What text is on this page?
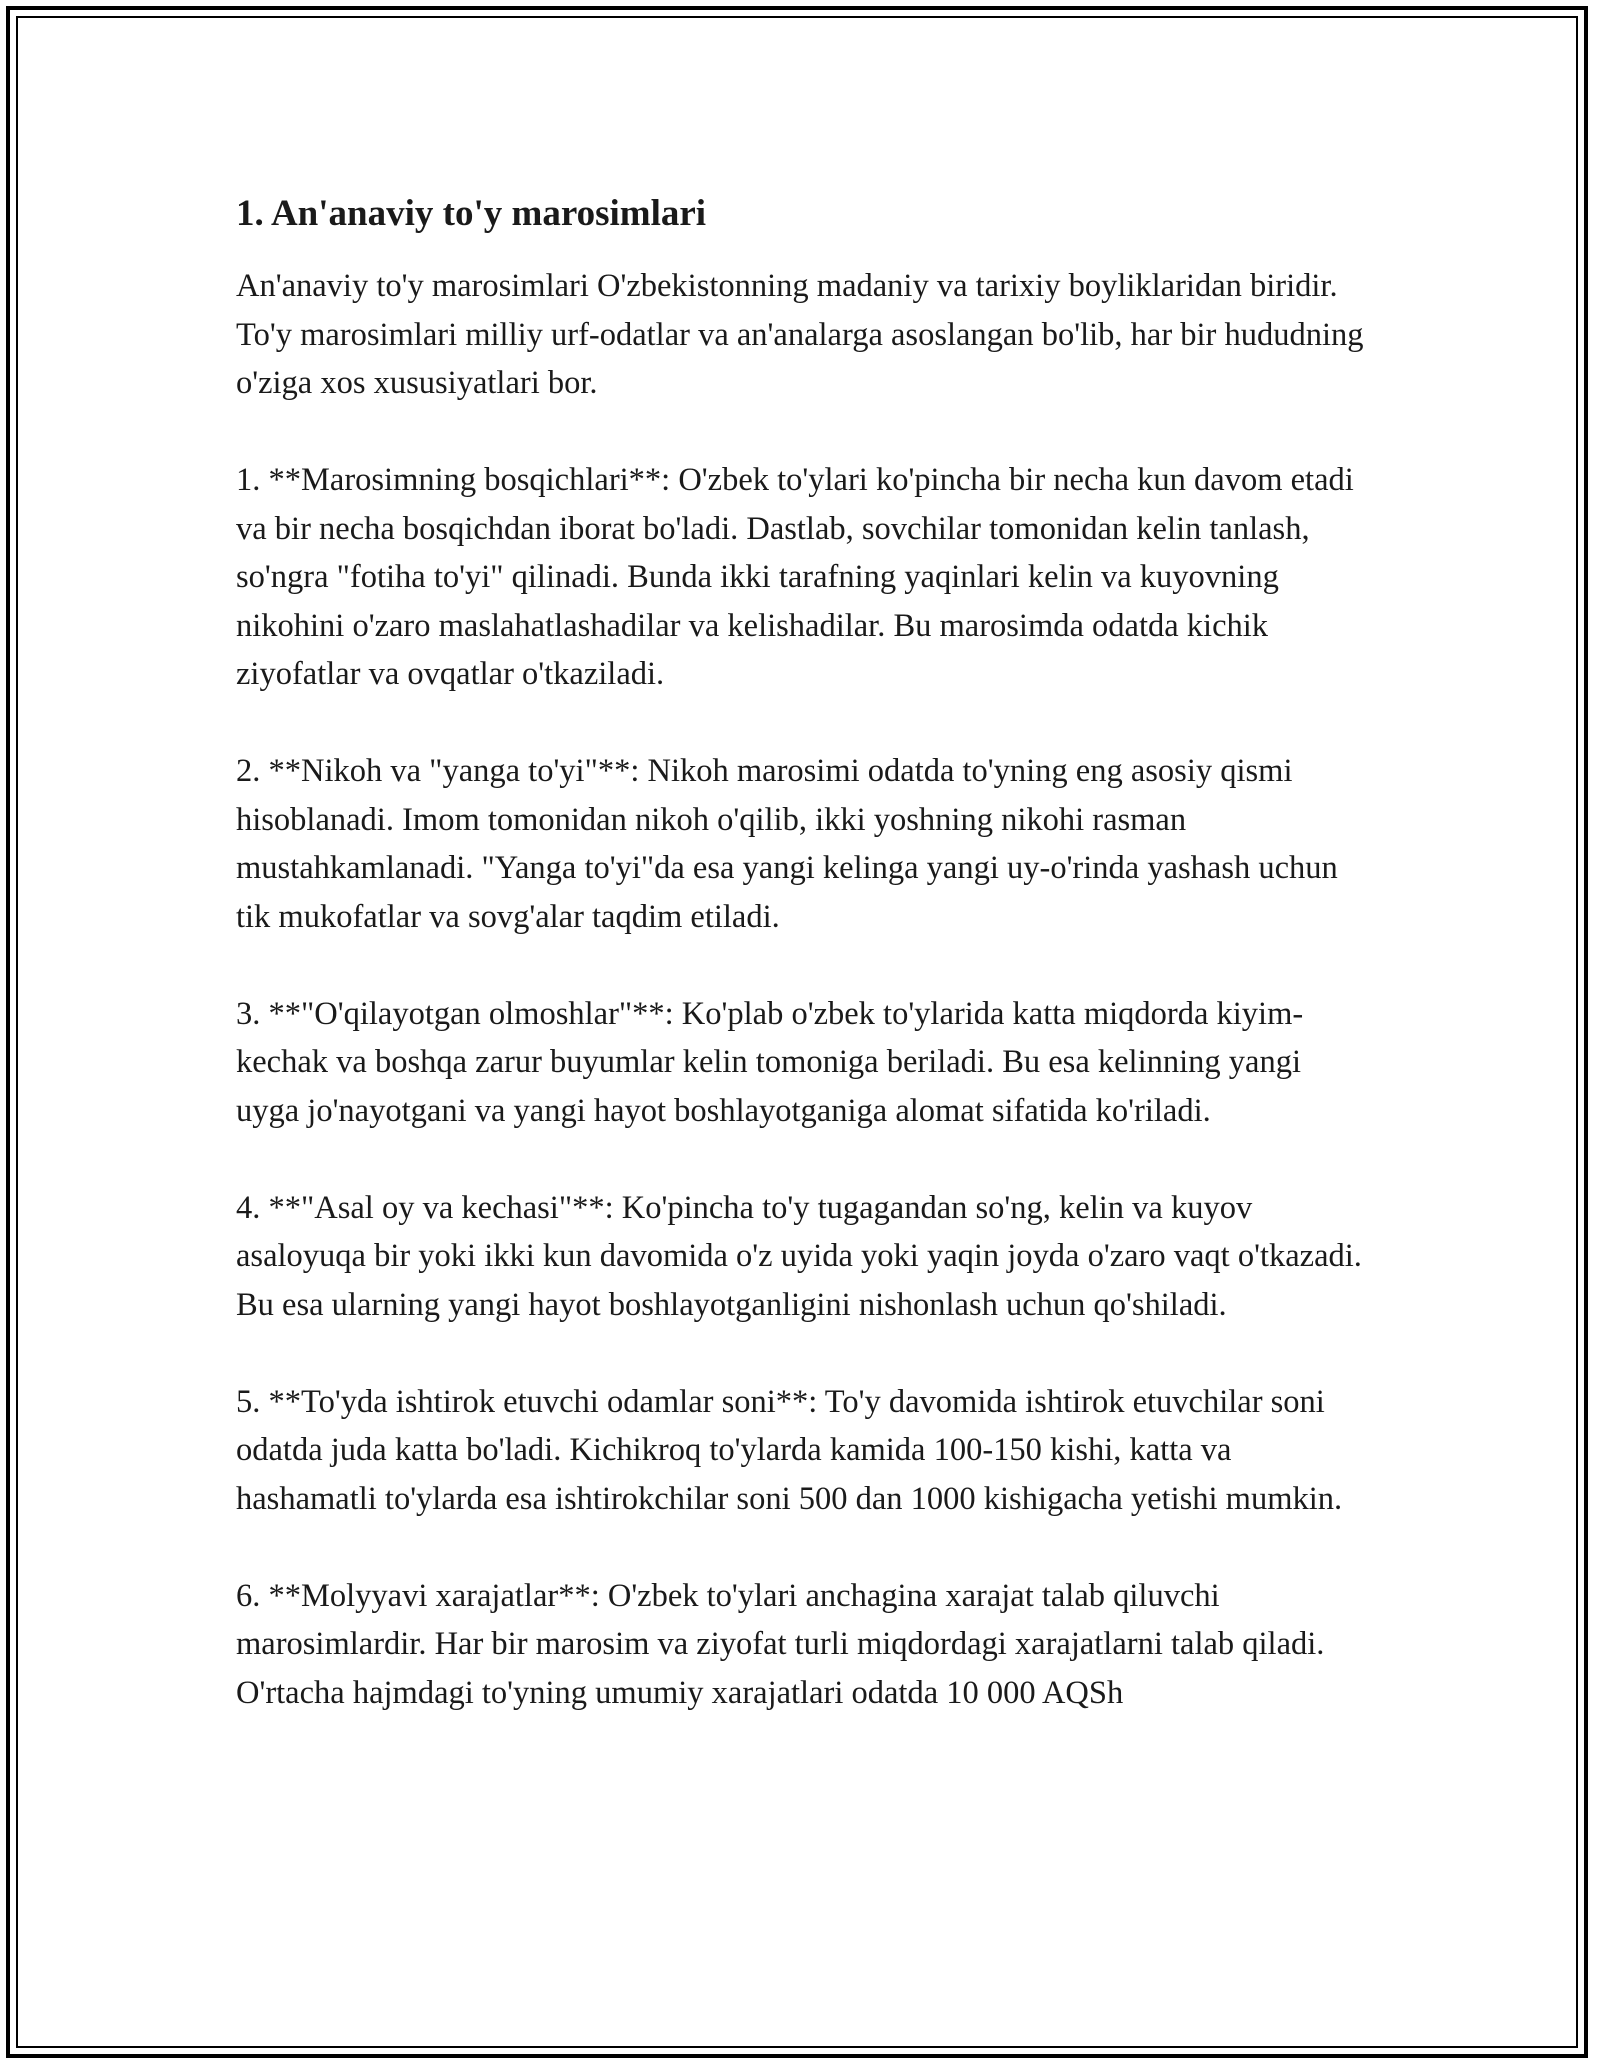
1. An'anaviy to'y marosimlari

An'anaviy to'y marosimlari O'zbekistonning madaniy va tarixiy boyliklaridan biridir. To'y marosimlari milliy urf-odatlar va an'analarga asoslangan bo'lib, har bir hududning o'ziga xos xususiyatlari bor.

1. **Marosimning bosqichlari**: O'zbek to'ylari ko'pincha bir necha kun davom etadi va bir necha bosqichdan iborat bo'ladi. Dastlab, sovchilar tomonidan kelin tanlash, so'ngra "fotiha to'yi" qilinadi. Bunda ikki tarafning yaqinlari kelin va kuyovning nikohini o'zaro maslahatlashadilar va kelishadilar. Bu marosimda odatda kichik ziyofatlar va ovqatlar o'tkaziladi.

2. **Nikoh va "yanga to'yi"**: Nikoh marosimi odatda to'yning eng asosiy qismi hisoblanadi. Imom tomonidan nikoh o'qilib, ikki yoshning nikohi rasman mustahkamlanadi. "Yanga to'yi"da esa yangi kelinga yangi uy-o'rinda yashash uchun tik mukofatlar va sovg'alar taqdim etiladi.

3. **"O'qilayotgan olmoshlar"**: Ko'plab o'zbek to'ylarida katta miqdorda kiyim-kechak va boshqa zarur buyumlar kelin tomoniga beriladi. Bu esa kelinning yangi uyga jo'nayotgani va yangi hayot boshlayotganiga alomat sifatida ko'riladi.

4. **"Asal oy va kechasi"**: Ko'pincha to'y tugagandan so'ng, kelin va kuyov asaloyuqa bir yoki ikki kun davomida o'z uyida yoki yaqin joyda o'zaro vaqt o'tkazadi. Bu esa ularning yangi hayot boshlayotganligini nishonlash uchun qo'shiladi.

5. **To'yda ishtirok etuvchi odamlar soni**: To'y davomida ishtirok etuvchilar soni odatda juda katta bo'ladi. Kichikroq to'ylarda kamida 100-150 kishi, katta va hashamatli to'ylarda esa ishtirokchilar soni 500 dan 1000 kishigacha yetishi mumkin.

6. **Molyyavi xarajatlar**: O'zbek to'ylari anchagina xarajat talab qiluvchi marosimlardir. Har bir marosim va ziyofat turli miqdordagi xarajatlarni talab qiladi. O'rtacha hajmdagi to'yning umumiy xarajatlari odatda 10 000 AQSh
